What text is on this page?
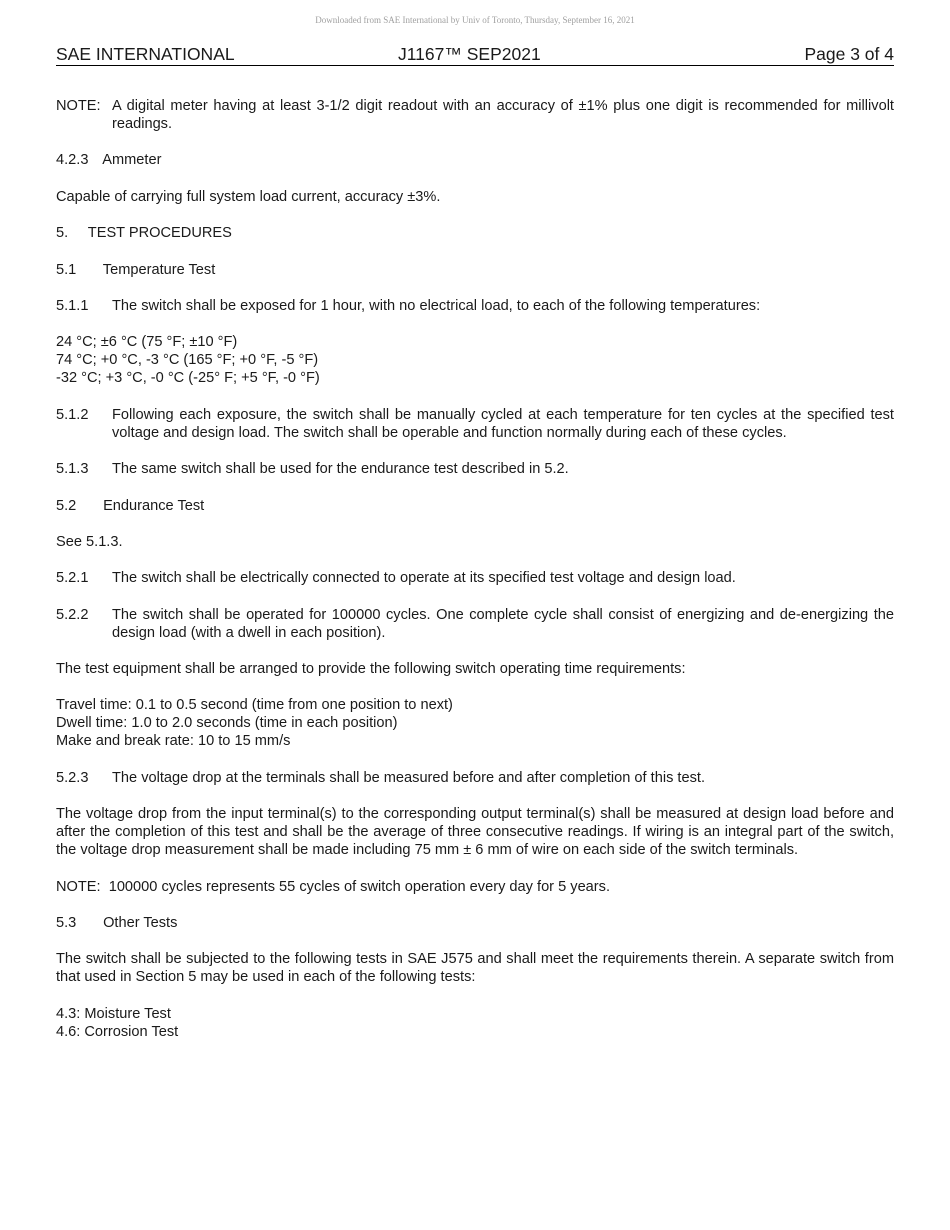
Downloaded from SAE International by Univ of Toronto, Thursday, September 16, 2021
SAE INTERNATIONAL	J1167™ SEP2021	Page 3 of 4

NOTE: A digital meter having at least 3-1/2 digit readout with an accuracy of ±1% plus one digit is recommended for millivolt readings.

4.2.3 Ammeter

Capable of carrying full system load current, accuracy ±3%.

5. TEST PROCEDURES

5.1 Temperature Test

5.1.1 The switch shall be exposed for 1 hour, with no electrical load, to each of the following temperatures:

24 °C; ±6 °C (75 °F; ±10 °F)
74 °C; +0 °C, -3 °C (165 °F; +0 °F, -5 °F)
-32 °C; +3 °C, -0 °C (-25° F; +5 °F, -0 °F)

5.1.2 Following each exposure, the switch shall be manually cycled at each temperature for ten cycles at the specified test voltage and design load. The switch shall be operable and function normally during each of these cycles.

5.1.3 The same switch shall be used for the endurance test described in 5.2.

5.2 Endurance Test

See 5.1.3.

5.2.1 The switch shall be electrically connected to operate at its specified test voltage and design load.

5.2.2 The switch shall be operated for 100000 cycles. One complete cycle shall consist of energizing and de-energizing the design load (with a dwell in each position).

The test equipment shall be arranged to provide the following switch operating time requirements:

Travel time: 0.1 to 0.5 second (time from one position to next)
Dwell time: 1.0 to 2.0 seconds (time in each position)
Make and break rate: 10 to 15 mm/s

5.2.3 The voltage drop at the terminals shall be measured before and after completion of this test.

The voltage drop from the input terminal(s) to the corresponding output terminal(s) shall be measured at design load before and after the completion of this test and shall be the average of three consecutive readings. If wiring is an integral part of the switch, the voltage drop measurement shall be made including 75 mm ± 6 mm of wire on each side of the switch terminals.

NOTE: 100000 cycles represents 55 cycles of switch operation every day for 5 years.

5.3 Other Tests

The switch shall be subjected to the following tests in SAE J575 and shall meet the requirements therein. A separate switch from that used in Section 5 may be used in each of the following tests:

4.3: Moisture Test
4.6: Corrosion Test
